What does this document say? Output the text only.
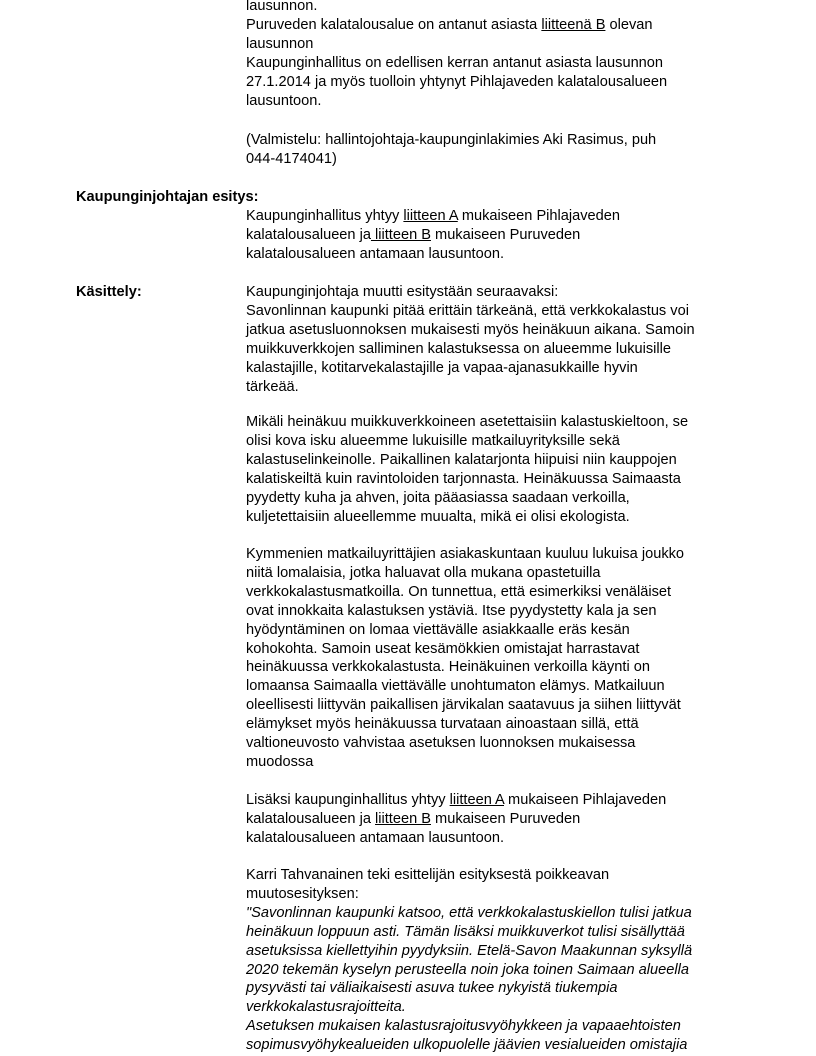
lausunnon.
Puruveden kalatalousalue on antanut asiasta liitteenä B olevan
lausunnon
Kaupunginhallitus on edellisen kerran antanut asiasta lausunnon
27.1.2014 ja myös tuolloin yhtynyt Pihlajaveden kalatalousalueen
lausuntoon.
(Valmistelu: hallintojohtaja-kaupunginlakimies Aki Rasimus, puh
044-4174041)
Kaupunginjohtajan esitys:
Kaupunginhallitus yhtyy liitteen A mukaiseen Pihlajaveden
kalatalousalueen ja liitteen B mukaiseen Puruveden
kalatalousalueen antamaan lausuntoon.
Käsittely:	Kaupunginjohtaja muutti esitystään seuraavaksi:
Savonlinnan kaupunki pitää erittäin tärkeänä, että verkkokalastus voi
jatkua asetusluonnoksen mukaisesti myös heinäkuun aikana. Samoin
muikkuverkkojen salliminen kalastuksessa on alueemme lukuisille
kalastajille, kotitarvekalastajille ja vapaa-ajanasukkaille hyvin
tärkeää.
Mikäli heinäkuu muikkuverkkoineen asetettaisiin kalastuskieltoon, se
olisi kova isku alueemme lukuisille matkailuyrityksille sekä
kalastuselinkeinolle. Paikallinen kalatarjonta hiipuisi niin kauppojen
kalatiskeiltä kuin ravintoloiden tarjonnasta. Heinäkuussa Saimaasta
pyydetty kuha ja ahven, joita pääasiassa saadaan verkoilla,
kuljetettaisiin alueellemme muualta, mikä ei olisi ekologista.
Kymmenien matkailuyrittäjien asiakaskuntaan kuuluu lukuisa joukko
niitä lomalaisia, jotka haluavat olla mukana opastetuilla
verkkokalastusmatkoilla. On tunnettua, että esimerkiksi venäläiset
ovat innokkaita kalastuksen ystäviä. Itse pyydystetty kala ja sen
hyödyntäminen on lomaa viettävälle asiakkaalle eräs kesän
kohokohta. Samoin useat kesämökkien omistajat harrastavat
heinäkuussa verkkokalastusta. Heinäkuinen verkoilla käynti on
lomaansa Saimaalla viettävälle unohtumaton elämys. Matkailuun
oleellisesti liittyvän paikallisen järvikalan saatavuus ja siihen liittyvät
elämykset myös heinäkuussa turvataan ainoastaan sillä, että
valtioneuvosto vahvistaa asetuksen luonnoksen mukaisessa
muodossa
Lisäksi kaupunginhallitus yhtyy liitteen A mukaiseen Pihlajaveden
kalatalousalueen ja liitteen B mukaiseen Puruveden
kalatalousalueen antamaan lausuntoon.
Karri Tahvanainen teki esittelijän esityksestä poikkeavan
muutosesityksen:
"Savonlinnan kaupunki katsoo, että verkkokalastuskiellon tulisi jatkua
heinäkuun loppuun asti. Tämän lisäksi muikkuverkot tulisi sisällyttää
asetuksissa kiellettyihin pyydyksiin. Etelä-Savon Maakunnan syksyllä
2020 tekemän kyselyn perusteella noin joka toinen Saimaan alueella
pysyvästi tai väliaikaisesti asuva tukee nykyistä tiukempia
verkkokalastusrajoitteita.
Asetuksen mukaisen kalastusrajoitusvyöhykkeen ja vapaaehtoisten
sopimusvyöhykealueiden ulkopuolelle jäävien vesialueiden omistajia
